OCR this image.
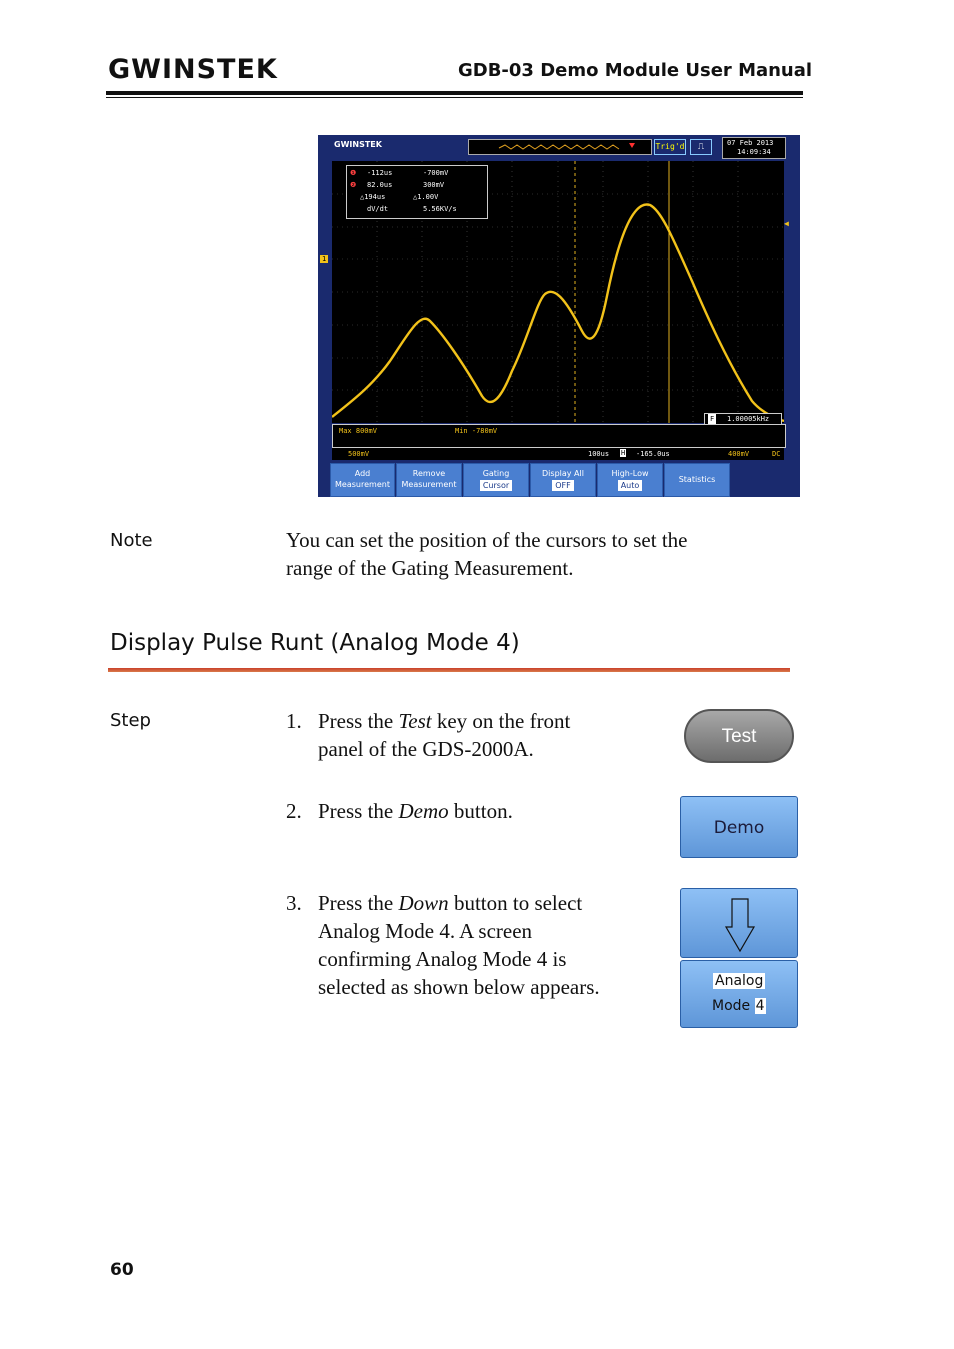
GWINSTEK	GDB-03 Demo Module User Manual
GWINSTEK	Trig'd	⎍	07 Feb 2013
14:09:34
1
◀
❶ -112us	-700mV
❷ 82.0us	300mV
△194us	△1.00V
dV/dt	5.56KV/s
F 1.00005kHz
Max 800mV	Min -780mV
500mV	100us H -165.0us	400mV	DC
Add
Measurement
Remove
Measurement
Gating
Cursor
Display All
OFF
High-Low
Auto
Statistics
Note	You can set the position of the cursors to set the
range of the Gating Measurement.
Display Pulse Runt (Analog Mode 4)
Step	1. Press the Test key on the front
panel of the GDS-2000A.
2. Press the Demo button.
3. Press the Down button to select
Analog Mode 4. A screen
confirming Analog Mode 4 is
selected as shown below appears.
Test
Demo
Analog
Mode 4
60
